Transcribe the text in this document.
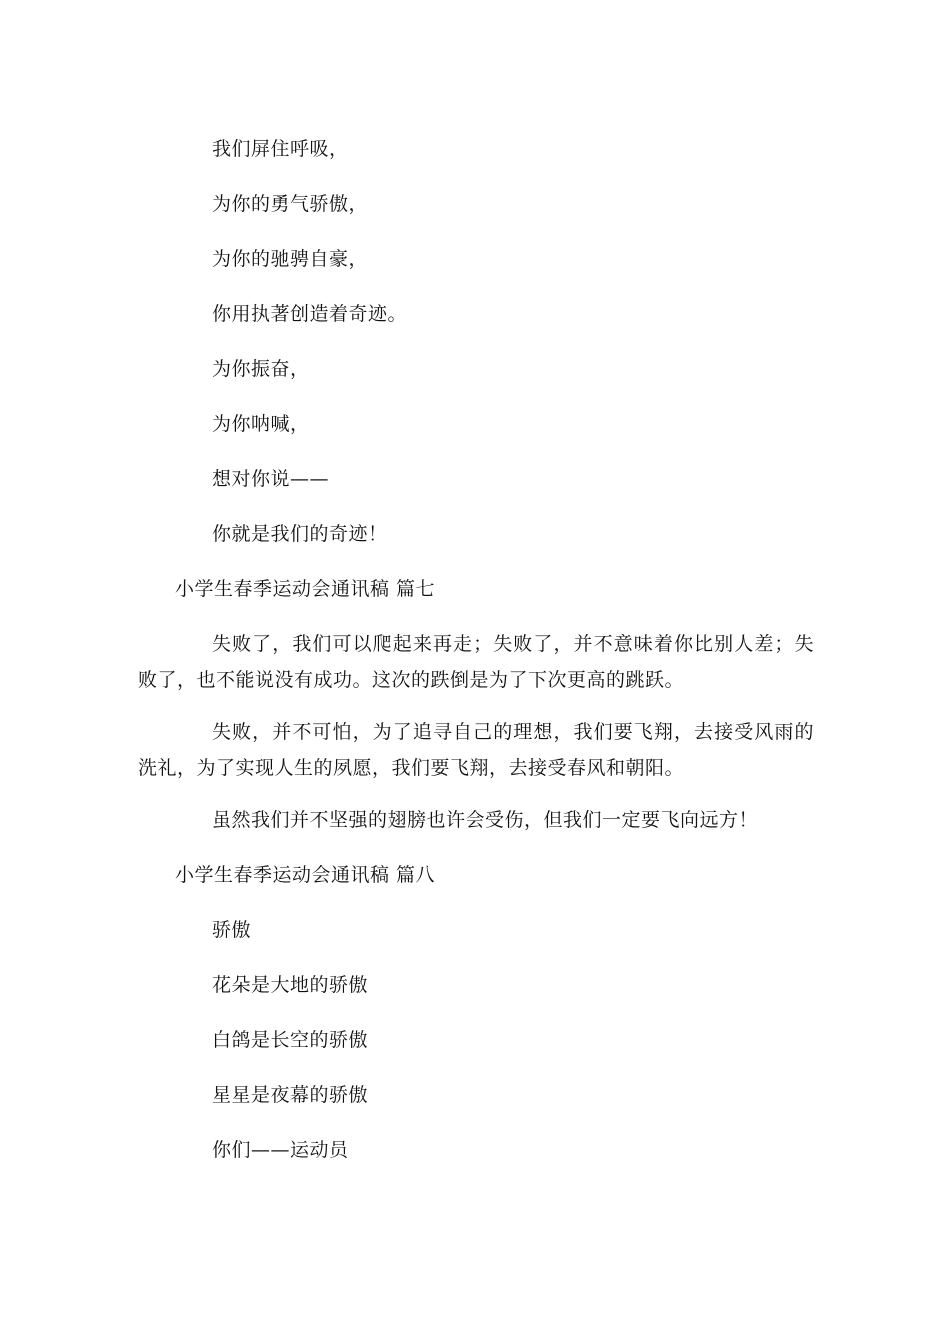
我们屏住呼吸，
为你的勇气骄傲，
为你的驰骋自豪，
你用执著创造着奇迹。
为你振奋，
为你呐喊，
想对你说——
你就是我们的奇迹！
小学生春季运动会通讯稿 篇七
失败了，我们可以爬起来再走；失败了，并不意味着你比别人差；失败了，也不能说没有成功。这次的跌倒是为了下次更高的跳跃。
失败，并不可怕，为了追寻自己的理想，我们要飞翔，去接受风雨的洗礼，为了实现人生的夙愿，我们要飞翔，去接受春风和朝阳。
虽然我们并不坚强的翅膀也许会受伤，但我们一定要飞向远方！
小学生春季运动会通讯稿 篇八
骄傲
花朵是大地的骄傲
白鸽是长空的骄傲
星星是夜幕的骄傲
你们——运动员
